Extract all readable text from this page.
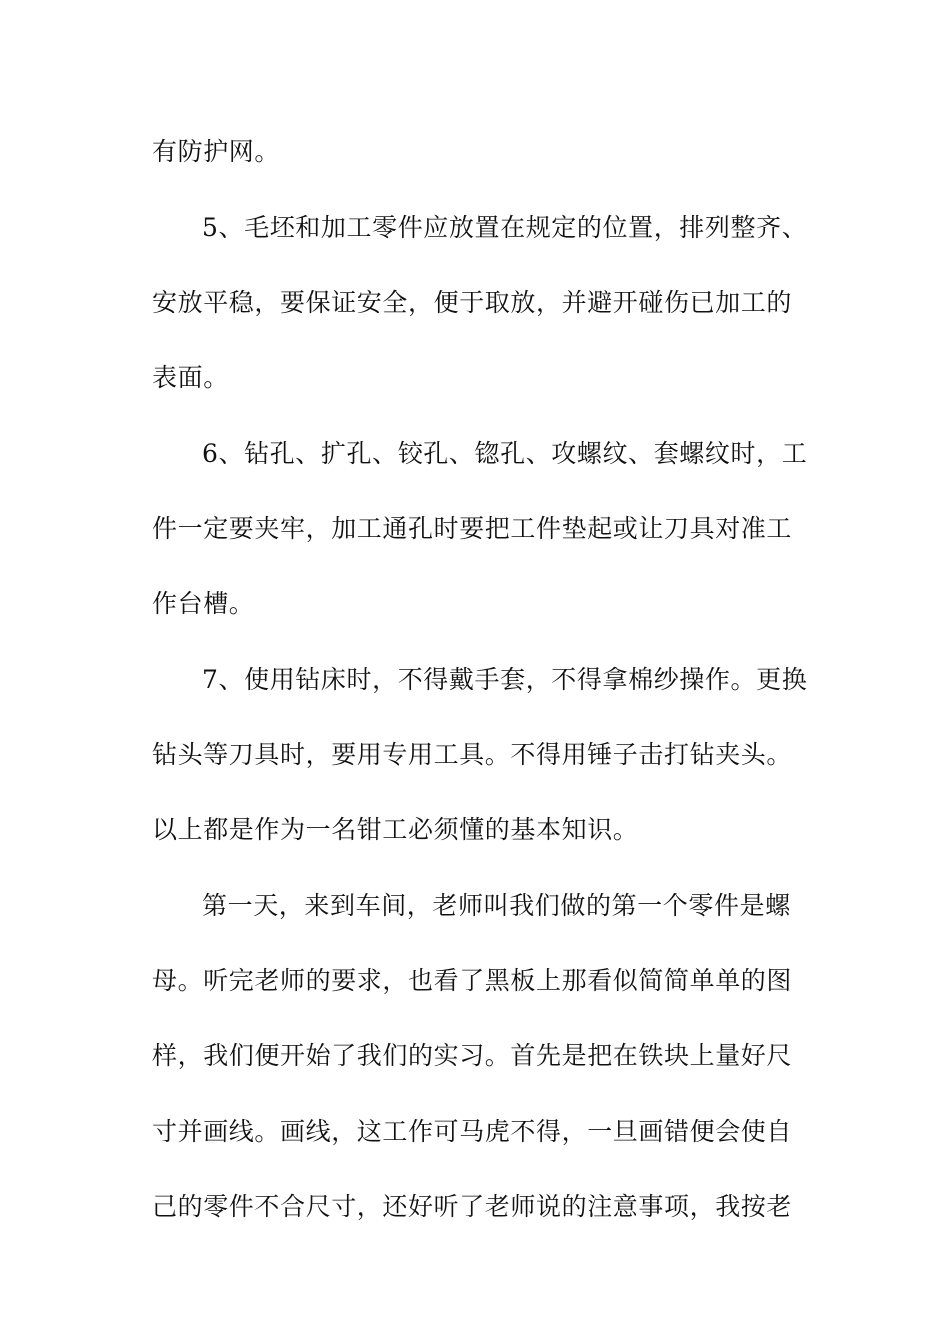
有防护网。
5、毛坯和加工零件应放置在规定的位置，排列整齐、
安放平稳，要保证安全，便于取放，并避开碰伤已加工的
表面。
6、钻孔、扩孔、铰孔、锪孔、攻螺纹、套螺纹时，工
件一定要夹牢，加工通孔时要把工件垫起或让刀具对准工
作台槽。
7、使用钻床时，不得戴手套，不得拿棉纱操作。更换
钻头等刀具时，要用专用工具。不得用锤子击打钻夹头。
以上都是作为一名钳工必须懂的基本知识。
第一天，来到车间，老师叫我们做的第一个零件是螺
母。听完老师的要求，也看了黑板上那看似简简单单的图
样，我们便开始了我们的实习。首先是把在铁块上量好尺
寸并画线。画线，这工作可马虎不得，一旦画错便会使自
己的零件不合尺寸，还好听了老师说的注意事项，我按老
